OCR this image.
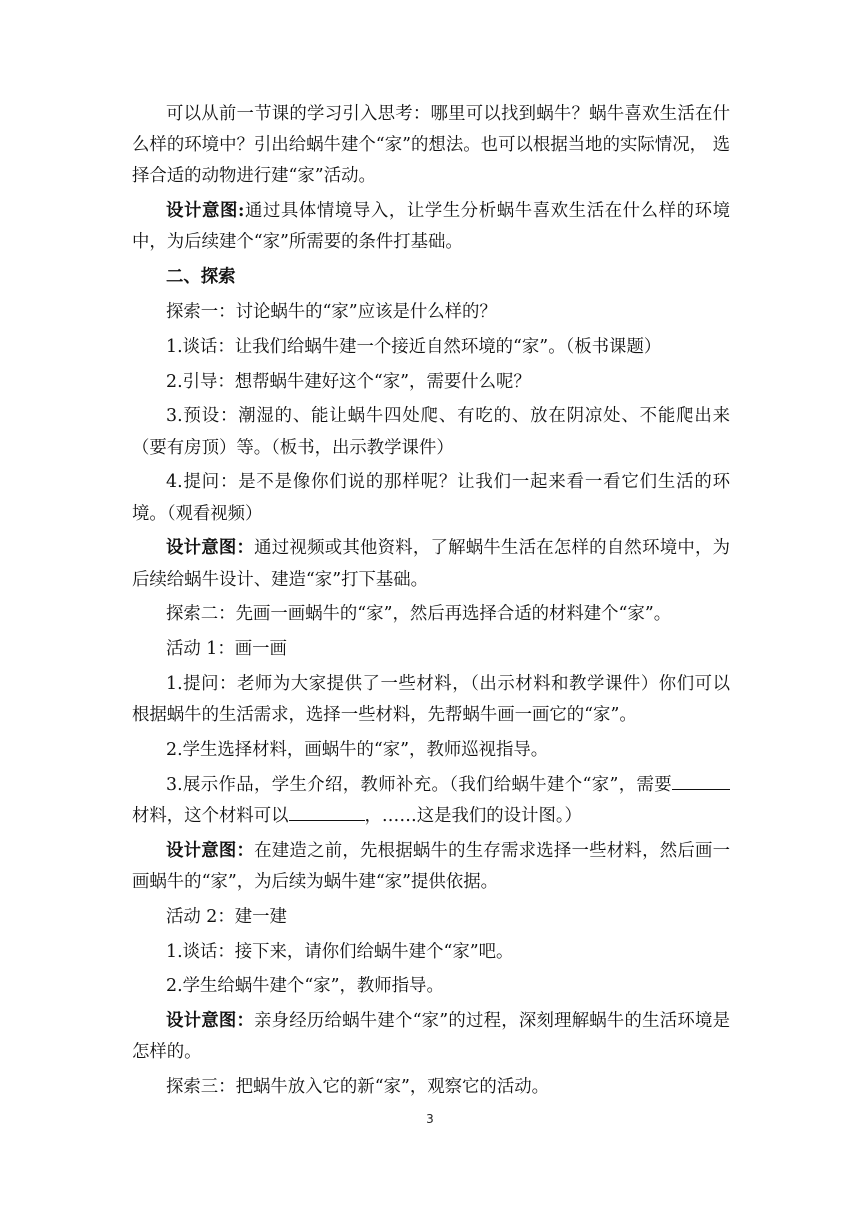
可以从前一节课的学习引入思考：哪里可以找到蜗牛？蜗牛喜欢生活在什么样的环境中？引出给蜗牛建个“家”的想法。也可以根据当地的实际情况， 选择合适的动物进行建“家”活动。

设计意图:通过具体情境导入，让学生分析蜗牛喜欢生活在什么样的环境中，为后续建个“家”所需要的条件打基础。

二、探索

探索一：讨论蜗牛的“家”应该是什么样的？

1.谈话：让我们给蜗牛建一个接近自然环境的“家”。（板书课题）

2.引导：想帮蜗牛建好这个“家”，需要什么呢？

3.预设：潮湿的、能让蜗牛四处爬、有吃的、放在阴凉处、不能爬出来（要有房顶）等。（板书，出示教学课件）

4.提问：是不是像你们说的那样呢？让我们一起来看一看它们生活的环境。（观看视频）

设计意图：通过视频或其他资料，了解蜗牛生活在怎样的自然环境中，为后续给蜗牛设计、建造“家”打下基础。

探索二：先画一画蜗牛的“家”，然后再选择合适的材料建个“家”。

活动 1：画一画

1.提问：老师为大家提供了一些材料，（出示材料和教学课件）你们可以根据蜗牛的生活需求，选择一些材料，先帮蜗牛画一画它的“家”。

2.学生选择材料，画蜗牛的“家”，教师巡视指导。

3.展示作品，学生介绍，教师补充。（我们给蜗牛建个“家”，需要材料，这个材料可以	，……这是我们的设计图。）

设计意图：在建造之前，先根据蜗牛的生存需求选择一些材料，然后画一画蜗牛的“家”，为后续为蜗牛建“家”提供依据。

活动 2：建一建

1.谈话：接下来，请你们给蜗牛建个“家”吧。

2.学生给蜗牛建个“家”，教师指导。

设计意图：亲身经历给蜗牛建个“家”的过程，深刻理解蜗牛的生活环境是怎样的。

探索三：把蜗牛放入它的新“家”，观察它的活动。

3
